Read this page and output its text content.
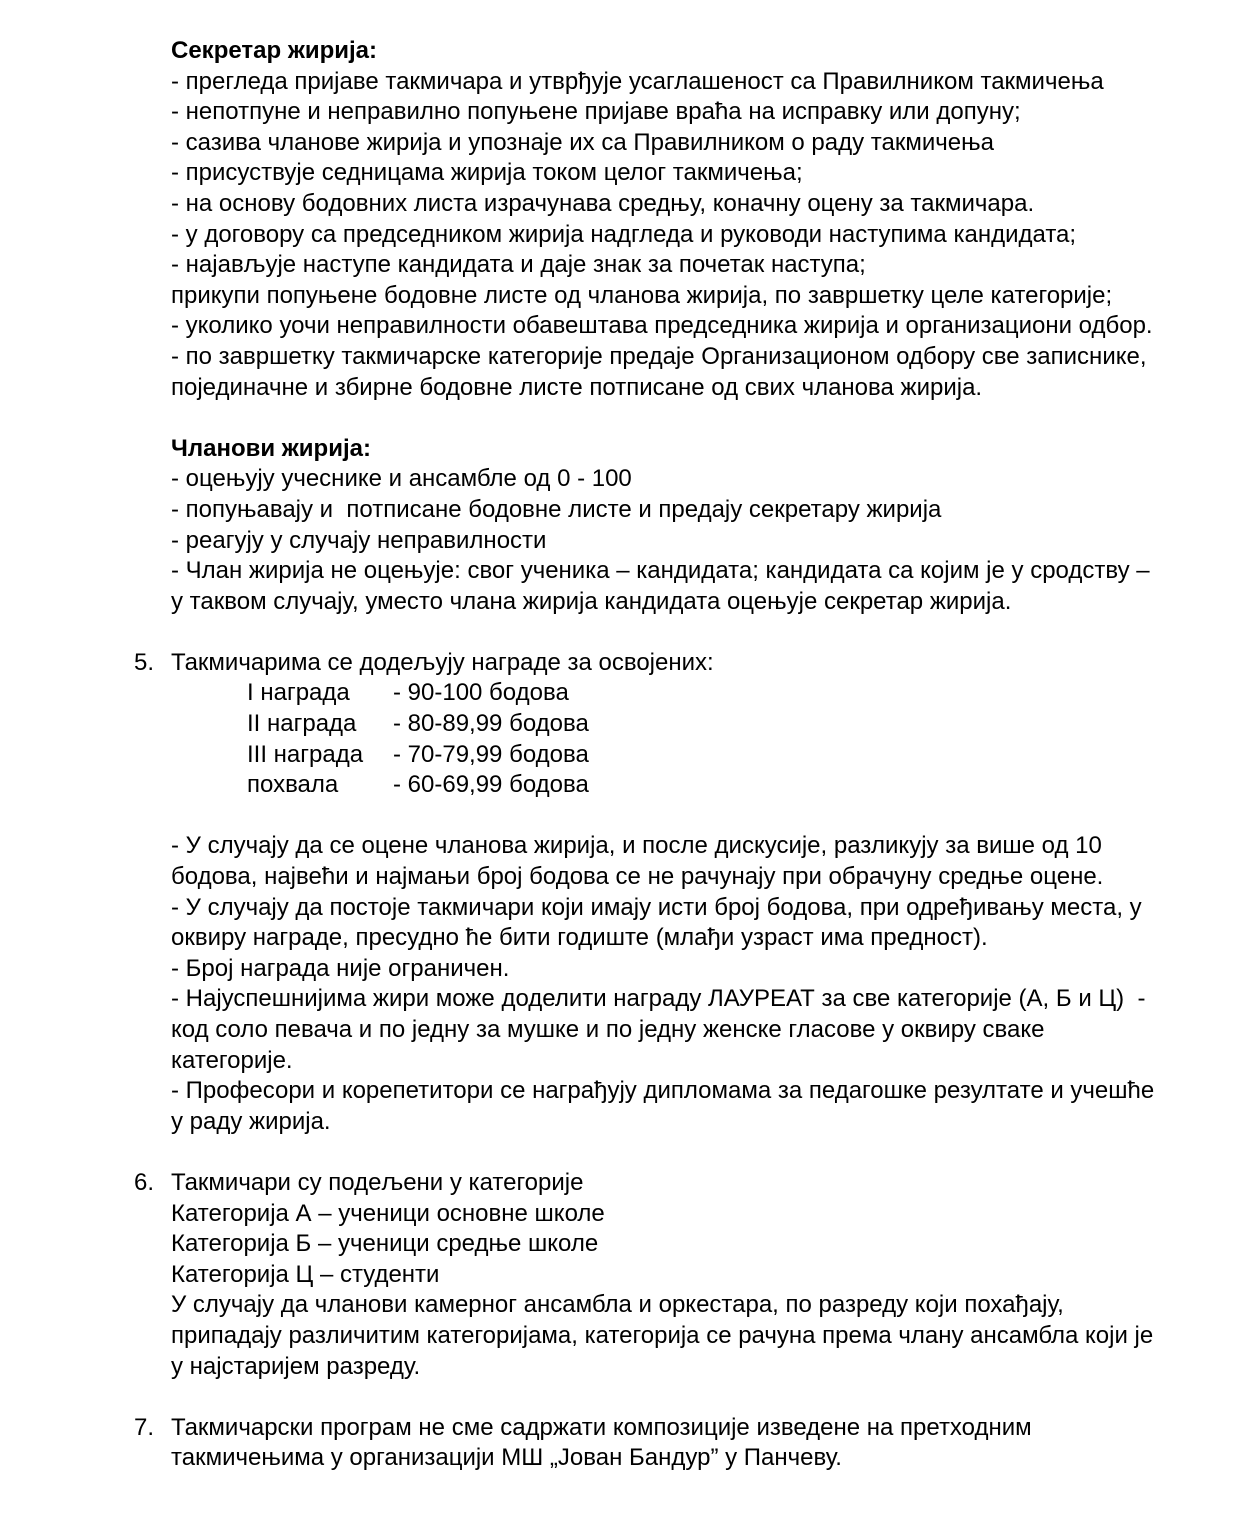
Секретар жирија:

- прегледа пријаве такмичара и утврђује усаглашеност са Правилником такмичења

- непотпуне и неправилно попуњене пријаве враћа на исправку или допуну;

- сазива чланове жирија и упознаје их са Правилником о раду такмичења

- присуствује седницама жирија током целог такмичења;

- на основу бодовних листа израчунава средњу, коначну оцену за такмичара.

- у договору са председником жирија надгледа и руководи наступима кандидата;

- најављује наступе кандидата и даје знак за почетак наступа;

прикупи попуњене бодовне листе од чланова жирија, по завршетку целе категорије;

- уколико уочи неправилности обавештава председника жирија и организациони одбор.

- по завршетку такмичарске категорије предаје Организационом одбору све записнике, појединачне и збирне бодовне листе потписане од свих чланова жирија.

Чланови жирија:

- оцењују учеснике и ансамбле од 0 - 100

- попуњавају и  потписане бодовне листе и предају секретару жирија

- реагују у случају неправилности

- Члан жирија не оцењује: свог ученика – кандидата; кандидата са којим је у сродству – у таквом случају, уместо члана жирија кандидата оцењује секретар жирија.

5. Такмичарима се додељују награде за освојених:

I награда - 90-100 бодова
II награда - 80-89,99 бодова
III награда - 70-79,99 бодова
похвала - 60-69,99 бодова

- У случају да се оцене чланова жирија, и после дискусије, разликују за више од 10 бодова, највећи и најмањи број бодова се не рачунају при обрачуну средње оцене.

- У случају да постоје такмичари који имају исти број бодова, при одређивању места, у оквиру награде, пресудно ће бити годиште (млађи узраст има предност).

- Број награда није ограничен.

- Најуспешнијима жири може доделити награду ЛАУРЕАТ за све категорије (А, Б и Ц)  - код соло певача и по једну за мушке и по једну женске гласове у оквиру сваке категорије.

- Професори и корепетитори се награђују дипломама за педагошке резултате и учешће у раду жирија.

6. Такмичари су подељени у категорије

Категорија А – ученици основне школе

Категорија Б – ученици средње школе

Категорија Ц – студенти

У случају да чланови камерног ансамбла и оркестара, по разреду који похађају, припадају различитим категоријама, категорија се рачуна према члану ансамбла који је у најстаријем разреду.

7. Такмичарски програм не сме садржати композиције изведене на претходним такмичењима у организацији МШ „Јован Бандур” у Панчеву.
